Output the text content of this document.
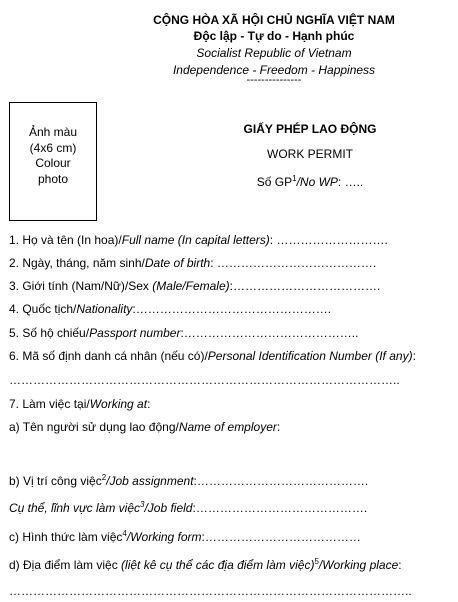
CỘNG HÒA XÃ HỘI CHỦ NGHĨA VIỆT NAM
Độc lập - Tự do - Hạnh phúc
Socialist Republic of Vietnam
Independence - Freedom - Happiness
---------------
Ảnh màu
(4x6 cm)
Colour
photo
GIẤY PHÉP LAO ĐỘNG
WORK PERMIT
Số $GP^1/No$ WP: …..
1. Họ và tên (In hoa)/Full name (In capital letters): ……………………….
2. Ngày, tháng, năm sinh/Date of birth: ………………………………….
3. Giới tính (Nam/Nữ)/Sex (Male/Female):……………………………….
4. Quốc tịch/Nationality:………………………………………….
5. Số hộ chiếu/Passport number:……………………………………..
6. Mã số định danh cá nhân (nếu có)/Personal Identification Number (If any):
……………………………………………………………………………………..
7. Làm việc tại/Working at:
a) Tên người sử dụng lao động/Name of employer:
b) Vị trí công việc$^2$/Job assignment:…………………………………….
Cụ thể, lĩnh vực làm việc$^3$/Job field:…………………………………….
c) Hình thức làm việc$^4$/Working form:…………………………………
d) Địa điểm làm việc (liệt kê cụ thể các địa điểm làm việc)$^5$/Working place:
………………………………………………………………………………………..
